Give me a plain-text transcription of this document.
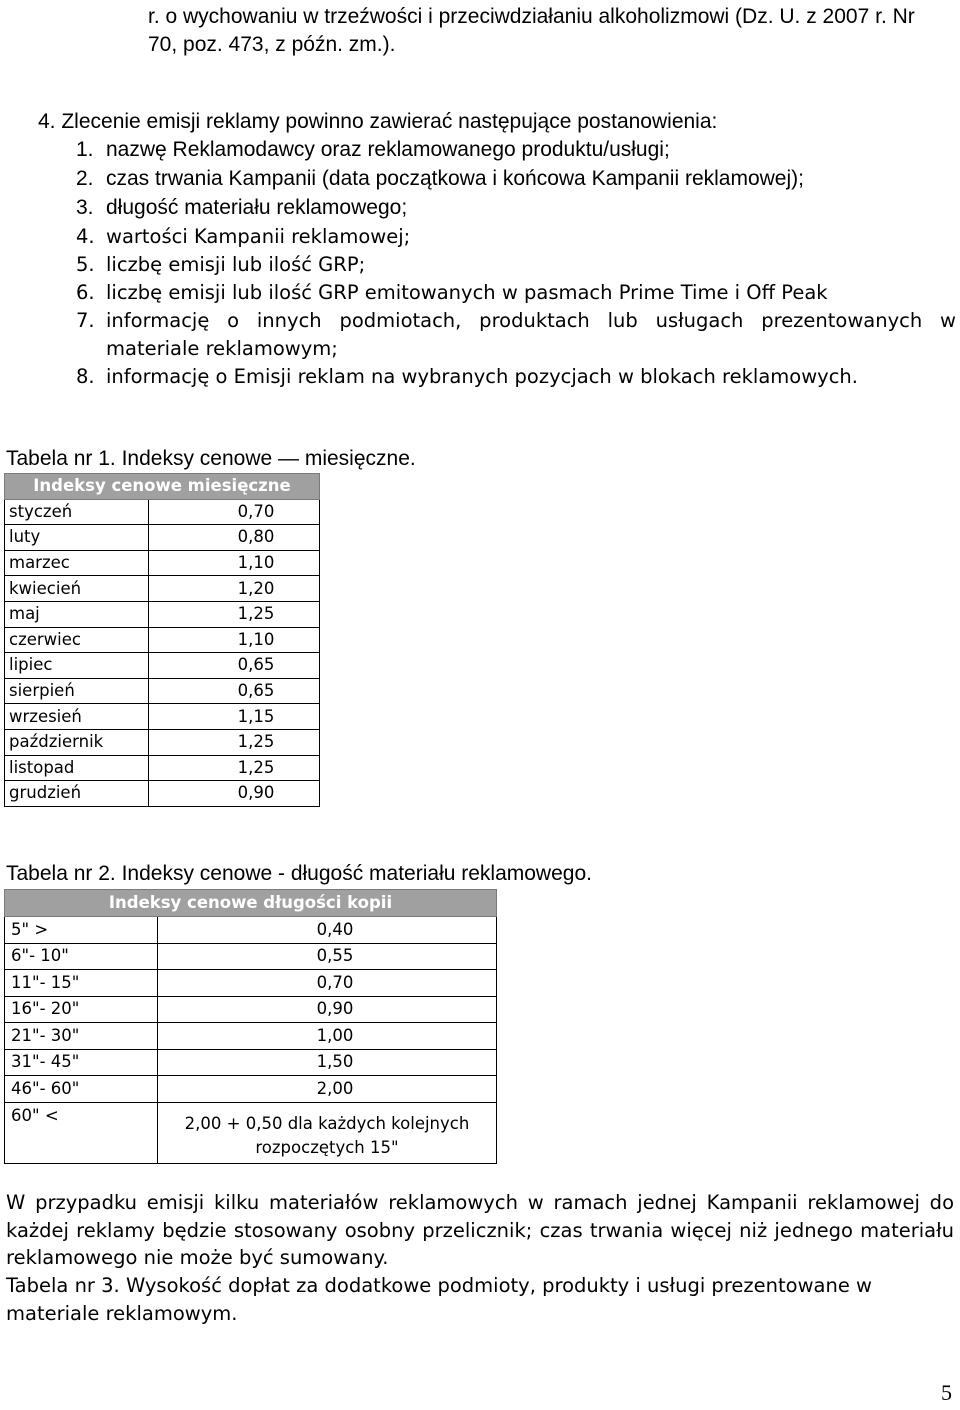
r. o wychowaniu w trzeźwości i przeciwdziałaniu alkoholizmowi (Dz. U. z 2007 r. Nr 70, poz. 473, z późn. zm.).
4. Zlecenie emisji reklamy powinno zawierać następujące postanowienia:
1. nazwę Reklamodawcy oraz reklamowanego produktu/usługi;
2. czas trwania Kampanii (data początkowa i końcowa Kampanii reklamowej);
3. długość materiału reklamowego;
4. wartości Kampanii reklamowej;
5. liczbę emisji lub ilość GRP;
6. liczbę emisji lub ilość GRP emitowanych w pasmach Prime Time i Off Peak
7. informację o innych podmiotach, produktach lub usługach prezentowanych w materiale reklamowym;
8. informację o Emisji reklam na wybranych pozycjach w blokach reklamowych.
Tabela nr 1. Indeksy cenowe — miesięczne.
Indeksy cenowe miesięczne	
styczeń	0,70
luty	0,80
marzec	1,10
kwiecień	1,20
maj	1,25
czerwiec	1,10
lipiec	0,65
sierpień	0,65
wrzesień	1,15
październik	1,25
listopad	1,25
grudzień	0,90
Tabela nr 2. Indeksy cenowe - długość materiału reklamowego.
Indeksy cenowe długości kopii	
5" >	0,40
6"- 10"	0,55
11"- 15"	0,70
16"- 20"	0,90
21"- 30"	1,00
31"- 45"	1,50
46"- 60"	2,00
60" <	2,00 + 0,50 dla każdych kolejnych rozpoczętych 15"
W przypadku emisji kilku materiałów reklamowych w ramach jednej Kampanii reklamowej do każdej reklamy będzie stosowany osobny przelicznik; czas trwania więcej niż jednego materiału reklamowego nie może być sumowany.
Tabela nr 3. Wysokość dopłat za dodatkowe podmioty, produkty i usługi prezentowane w materiale reklamowym.
5
